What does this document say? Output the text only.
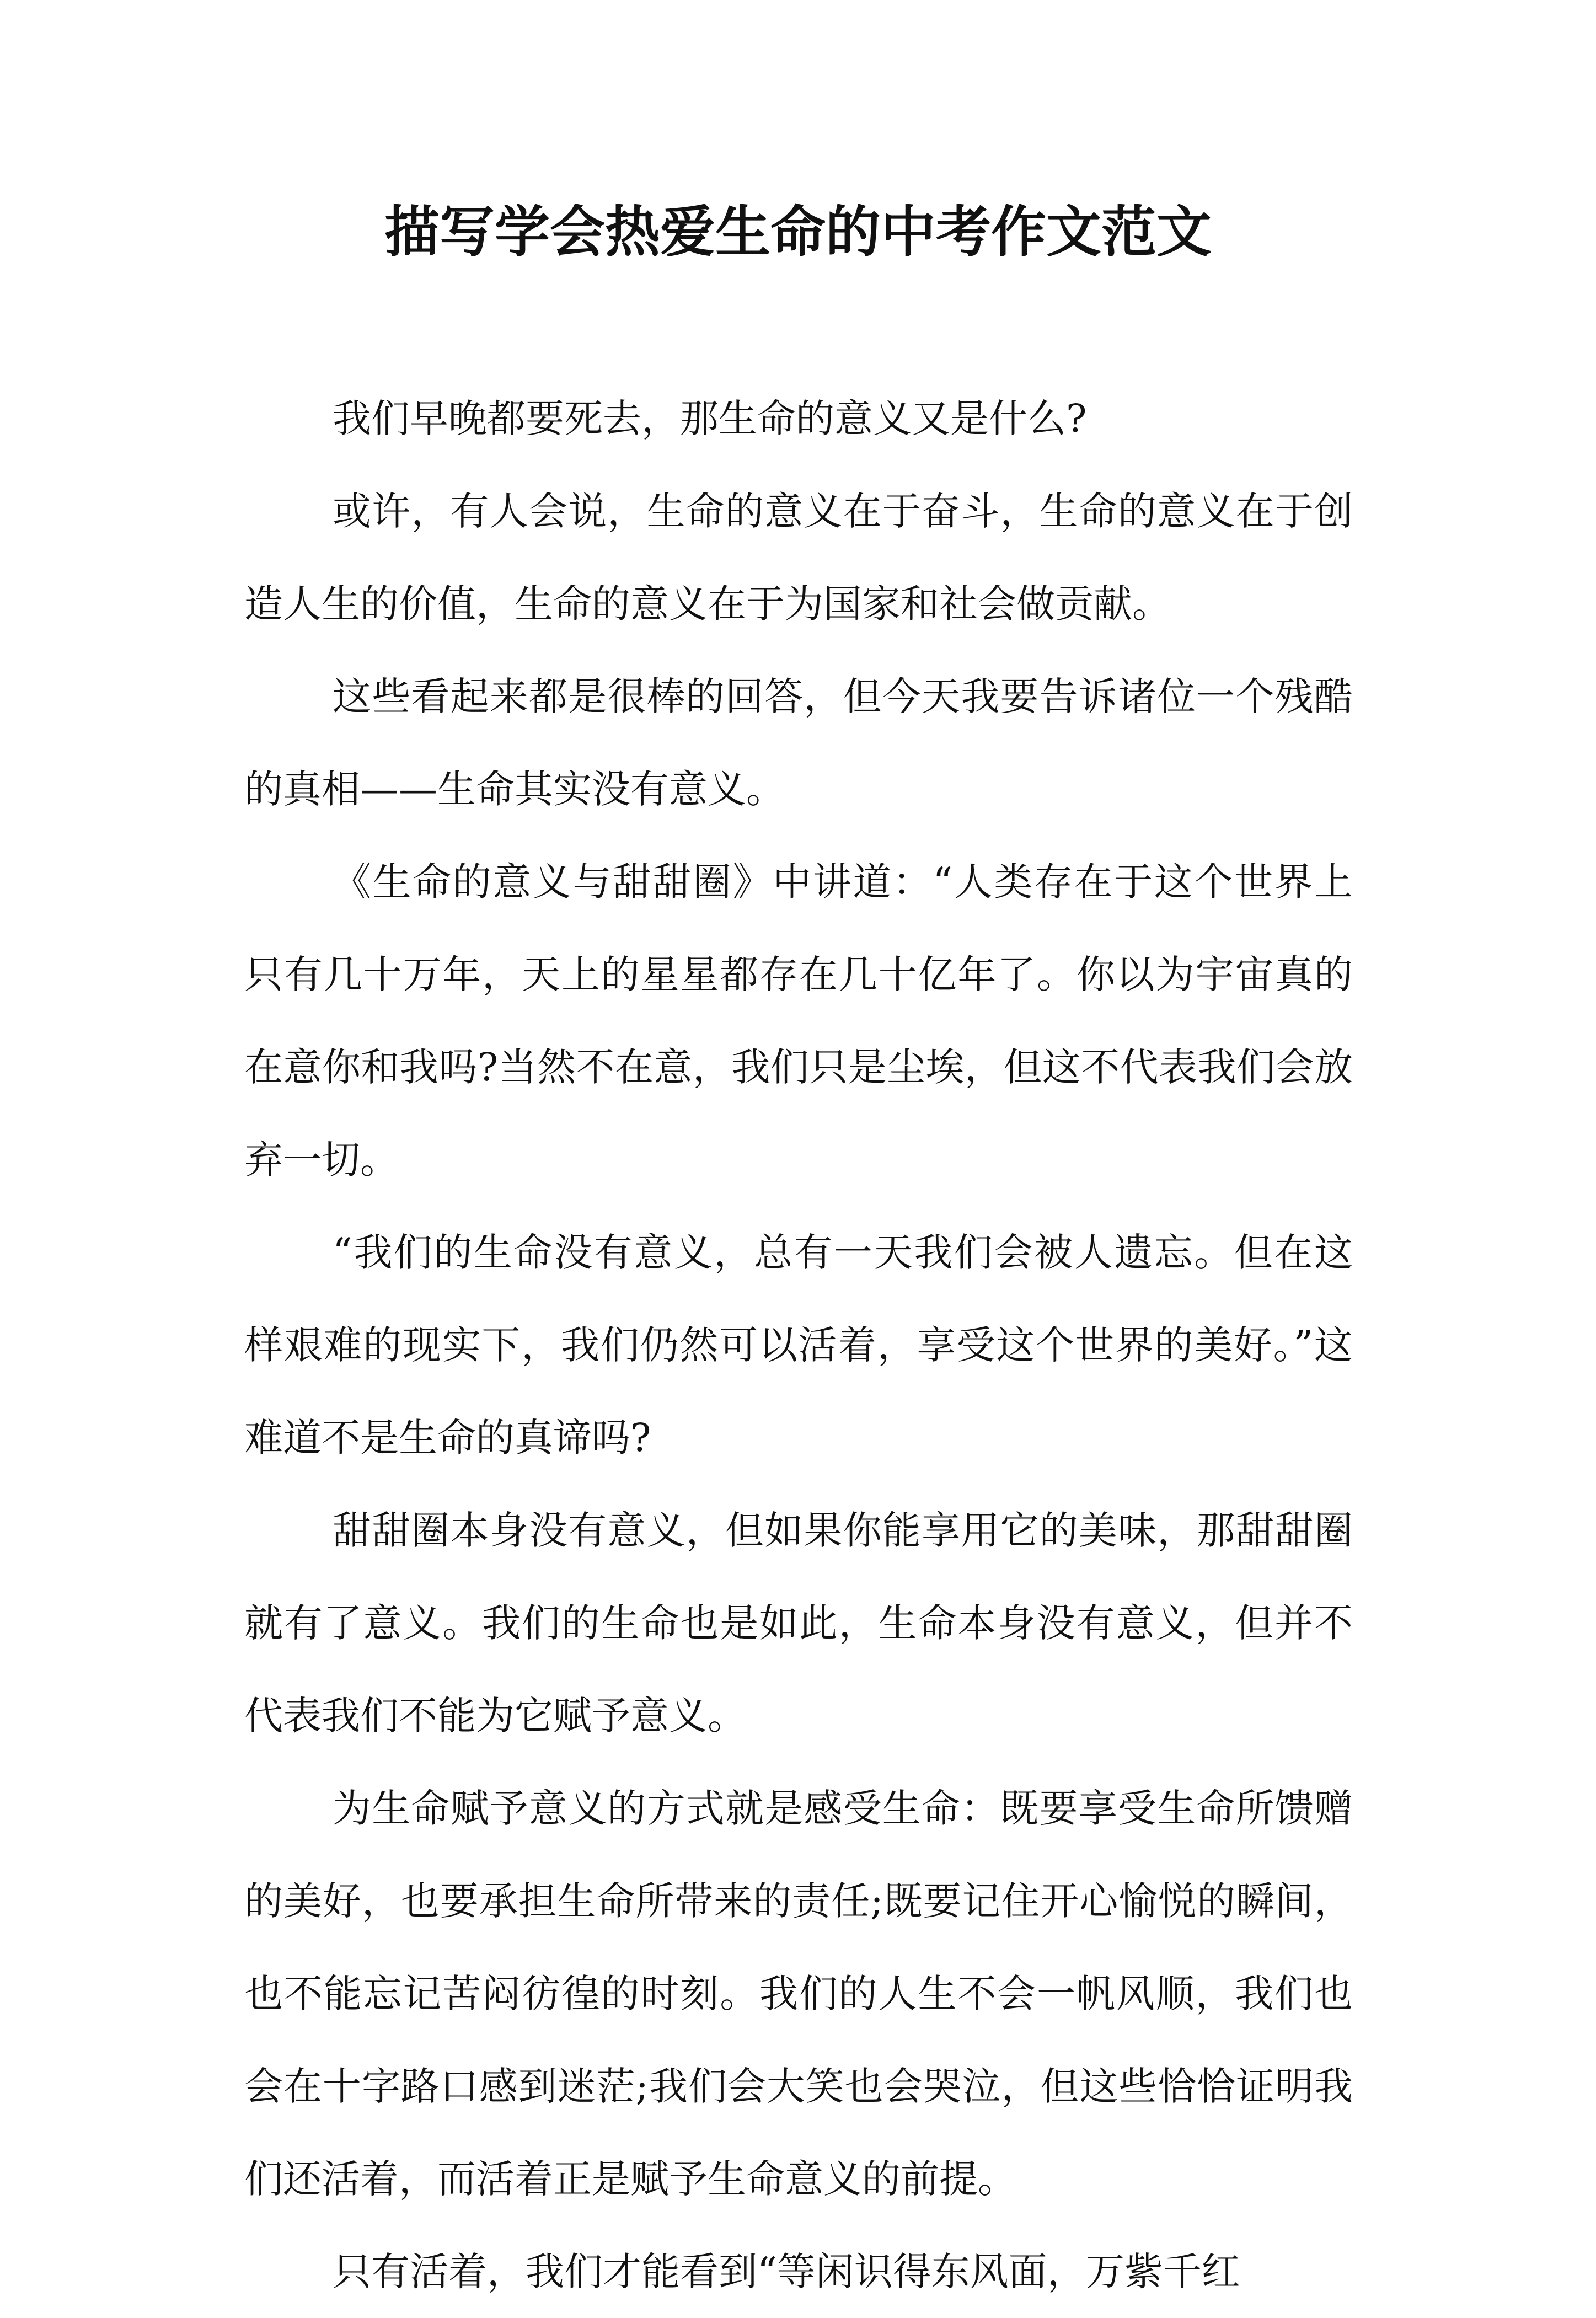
描写学会热爱生命的中考作文范文

我们早晚都要死去，那生命的意义又是什么?

或许，有人会说，生命的意义在于奋斗，生命的意义在于创造人生的价值，生命的意义在于为国家和社会做贡献。

这些看起来都是很棒的回答，但今天我要告诉诸位一个残酷的真相——生命其实没有意义。

《生命的意义与甜甜圈》中讲道：“人类存在于这个世界上只有几十万年，天上的星星都存在几十亿年了。你以为宇宙真的在意你和我吗?当然不在意，我们只是尘埃，但这不代表我们会放弃一切。

“我们的生命没有意义，总有一天我们会被人遗忘。但在这样艰难的现实下，我们仍然可以活着，享受这个世界的美好。”这难道不是生命的真谛吗?

甜甜圈本身没有意义，但如果你能享用它的美味，那甜甜圈就有了意义。我们的生命也是如此，生命本身没有意义，但并不代表我们不能为它赋予意义。

为生命赋予意义的方式就是感受生命：既要享受生命所馈赠的美好，也要承担生命所带来的责任;既要记住开心愉悦的瞬间，也不能忘记苦闷彷徨的时刻。我们的人生不会一帆风顺，我们也会在十字路口感到迷茫;我们会大笑也会哭泣，但这些恰恰证明我们还活着，而活着正是赋予生命意义的前提。

只有活着，我们才能看到“等闲识得东风面，万紫千红
